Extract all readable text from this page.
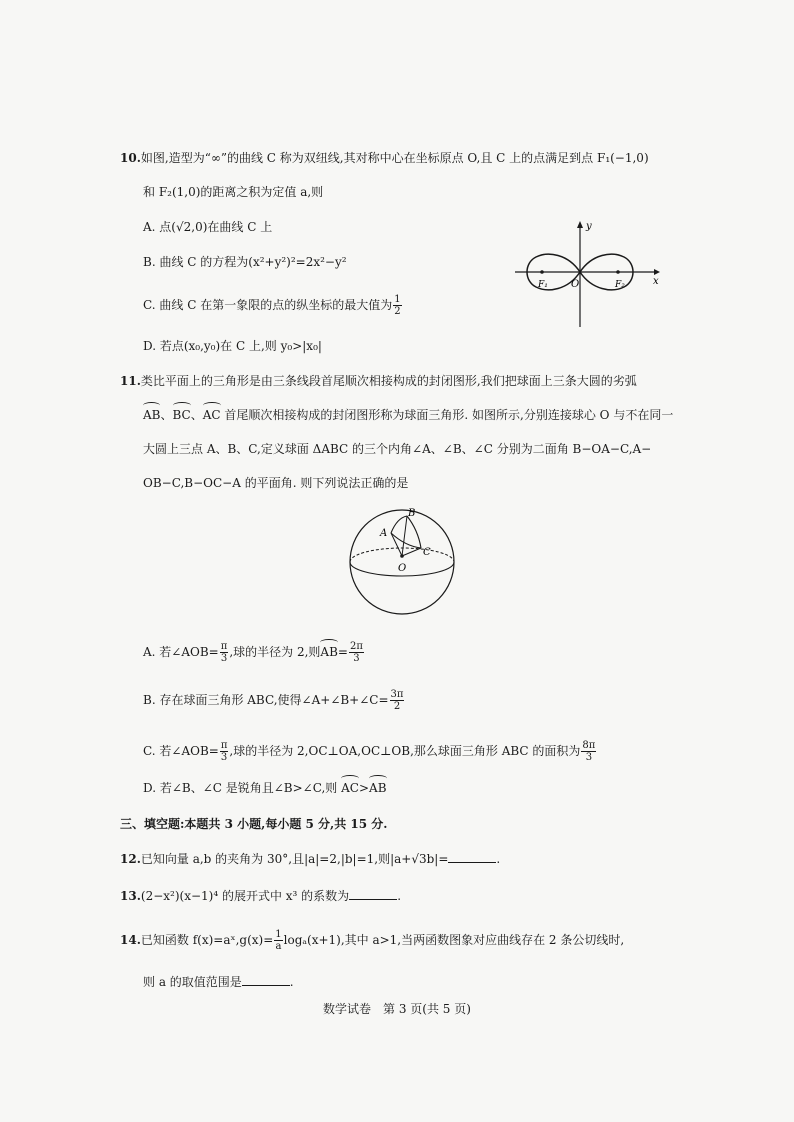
10.如图,造型为“∞”的曲线 C 称为双纽线,其对称中心在坐标原点 O,且 C 上的点满足到点 F₁(−1,0)
和 F₂(1,0)的距离之积为定值 a,则
A. 点(√2,0)在曲线 C 上
B. 曲线 C 的方程为(x²+y²)²=2x²−y²
C. 曲线 C 在第一象限的点的纵坐标的最大值为 $\frac{1}{2}$
D. 若点(x₀,y₀)在 C 上,则 y₀>|x₀|
y
x
O
F₁	F₂
11.类比平面上的三角形是由三条线段首尾顺次相接构成的封闭图形,我们把球面上三条大圆的劣弧
AB、BC、AC 首尾顺次相接构成的封闭图形称为球面三角形. 如图所示,分别连接球心 O 与不在同一
大圆上三点 A、B、C,定义球面 ΔABC 的三个内角∠A、∠B、∠C 分别为二面角 B−OA−C,A−
OB−C,B−OC−A 的平面角. 则下列说法正确的是
A
B
C
O
A. 若∠AOB= $\frac{\pi}{3}$ ,球的半径为 2,则$AB= \frac{2\pi}{3}$
B. 存在球面三角形 ABC,使得∠A+∠B+∠C= $\frac{3\pi}{2}$
C. 若∠AOB= $\frac{\pi}{3}$ ,球的半径为 2,OC⊥OA,OC⊥OB,那么球面三角形 ABC 的面积为 $\frac{8\pi}{3}$
D. 若∠B、∠C 是锐角且∠B>∠C,则 AC>AB
三、填空题:本题共 3 小题,每小题 5 分,共 15 分.
12.已知向量 a,b 的夹角为 30°,且|a|=2,|b|=1,则|a+√3b|=	.
13.(2−x²)(x−1)⁴ 的展开式中 x³ 的系数为	.
14.已知函数 f(x)=aˣ,g(x)= $\frac{1}{a} \log_a(x+1)$,其中 a>1,当两函数图象对应曲线存在 2 条公切线时,
则 a 的取值范围是	.
数学试卷　第 3 页(共 5 页)
